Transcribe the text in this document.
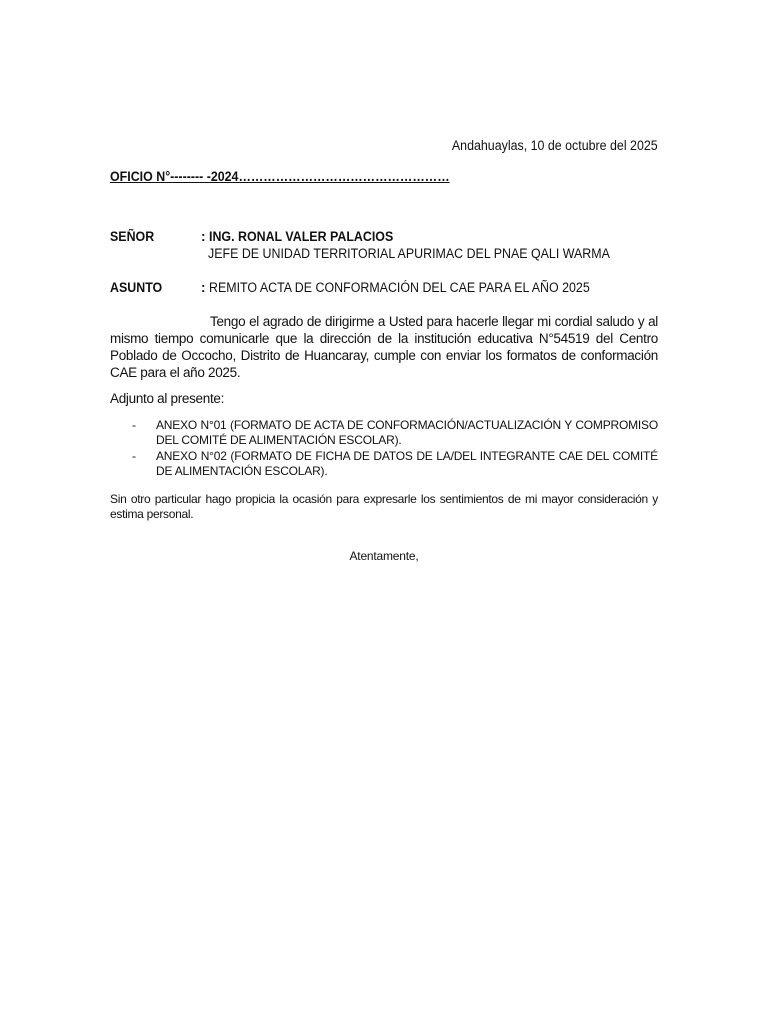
Andahuaylas, 10 de octubre del 2025
OFICIO N°-------- -2024……………………………………………
SEÑOR	: ING. RONAL VALER PALACIOS
JEFE DE UNIDAD TERRITORIAL APURIMAC DEL PNAE QALI WARMA
ASUNTO	: REMITO ACTA DE CONFORMACIÓN DEL CAE PARA EL AÑO 2025
Tengo el agrado de dirigirme a Usted para hacerle llegar mi cordial saludo y al mismo tiempo comunicarle que la dirección de la institución educativa N°54519 del Centro Poblado de Occocho, Distrito de Huancaray, cumple con enviar los formatos de conformación CAE para el año 2025.
Adjunto al presente:
- ANEXO N°01 (FORMATO DE ACTA DE CONFORMACIÓN/ACTUALIZACIÓN Y COMPROMISO DEL COMITÉ DE ALIMENTACIÓN ESCOLAR).
- ANEXO N°02 (FORMATO DE FICHA DE DATOS DE LA/DEL INTEGRANTE CAE DEL COMITÉ DE ALIMENTACIÓN ESCOLAR).
Sin otro particular hago propicia la ocasión para expresarle los sentimientos de mi mayor consideración y estima personal.
Atentamente,
